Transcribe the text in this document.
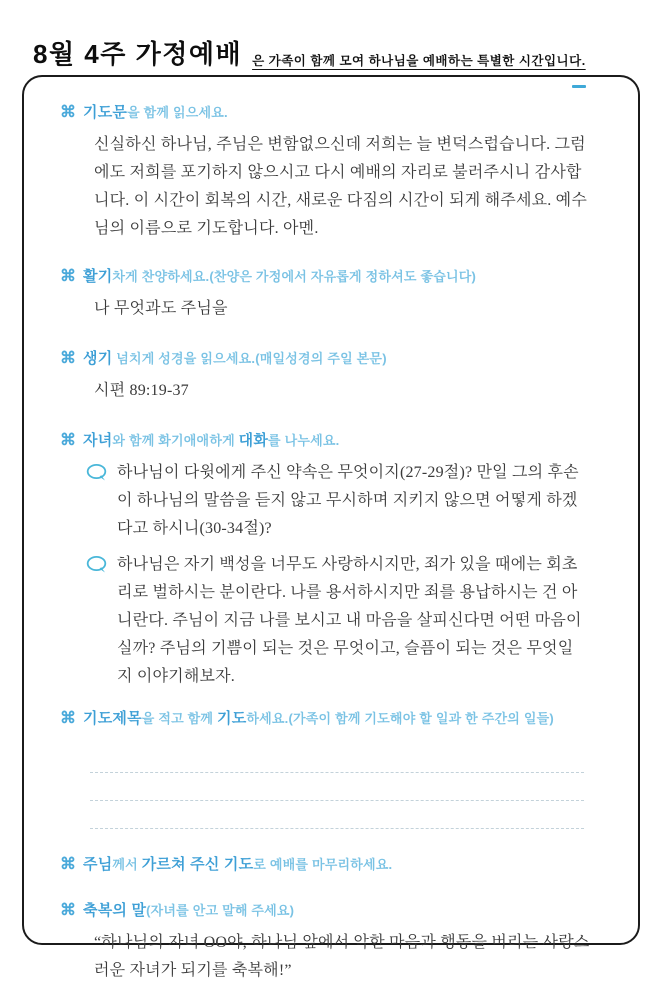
8월 4주 가정예배 은 가족이 함께 모여 하나님을 예배하는 특별한 시간입니다.
⌘ 기도문을 함께 읽으세요.

신실하신 하나님, 주님은 변함없으신데 저희는 늘 변덕스럽습니다. 그럼에도 저희를 포기하지 않으시고 다시 예배의 자리로 불러주시니 감사합니다. 이 시간이 회복의 시간, 새로운 다짐의 시간이 되게 해주세요. 예수님의 이름으로 기도합니다. 아멘.

⌘ 활기차게 찬양하세요.(찬양은 가정에서 자유롭게 정하셔도 좋습니다)

나 무엇과도 주님을

⌘ 생기 넘치게 성경을 읽으세요.(매일성경의 주일 본문)

시편 89:19-37

⌘ 자녀와 함께 화기애애하게 대화를 나누세요.

하나님이 다윗에게 주신 약속은 무엇이지(27-29절)? 만일 그의 후손이 하나님의 말씀을 듣지 않고 무시하며 지키지 않으면 어떻게 하겠다고 하시니(30-34절)?

하나님은 자기 백성을 너무도 사랑하시지만, 죄가 있을 때에는 회초리로 벌하시는 분이란다. 나를 용서하시지만 죄를 용납하시는 건 아니란다. 주님이 지금 나를 보시고 내 마음을 살피신다면 어떤 마음이실까? 주님의 기쁨이 되는 것은 무엇이고, 슬픔이 되는 것은 무엇일지 이야기해보자.

⌘ 기도제목을 적고 함께 기도하세요.(가족이 함께 기도해야 할 일과 한 주간의 일들)
⌘ 주님께서 가르쳐 주신 기도로 예배를 마무리하세요.
⌘ 축복의 말(자녀를 안고 말해 주세요)

“하나님의 자녀 OO야, 하나님 앞에서 악한 마음과 행동을 버리는 사랑스러운 자녀가 되기를 축복해!”
